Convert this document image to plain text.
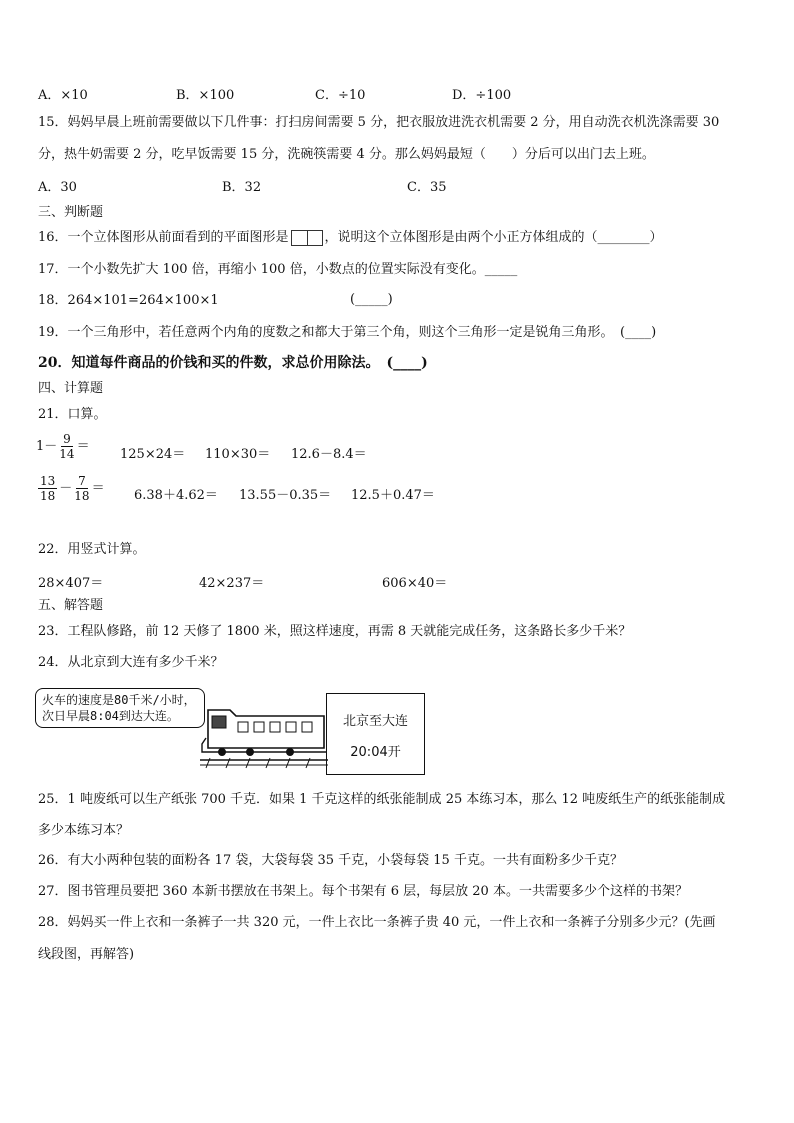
A．×10	B．×100	C．÷10	D．÷100
15．妈妈早晨上班前需要做以下几件事：打扫房间需要 5 分，把衣服放进洗衣机需要 2 分，用自动洗衣机洗涤需要 30
分，热牛奶需要 2 分，吃早饭需要 15 分，洗碗筷需要 4 分。那么妈妈最短（　　）分后可以出门去上班。
A．30	B．32	C．35
三、判断题
16．一个立体图形从前面看到的平面图形是	，说明这个立体图形是由两个小正方体组成的（________）
17．一个小数先扩大 100 倍，再缩小 100 倍，小数点的位置实际没有变化。_____
18．264×101=264×100×1	(_____)
19．一个三角形中，若任意两个内角的度数之和都大于第三个角，则这个三角形一定是锐角三角形。　(____)
20．知道每件商品的价钱和买的件数，求总价用除法。　(____)
四、计算题
21．口算。
$1- \frac{9}{14}$ ＝
125×24＝ 110×30＝ 12.6－8.4＝
$\frac{13}{18} - \frac{7}{18} = 6.38+4.62= 13.55-0.35= 12.5+0.47=$
22．用竖式计算。
28×407＝	42×237＝	606×40＝
五、解答题
23．工程队修路，前 12 天修了 1800 米，照这样速度，再需 8 天就能完成任务，这条路长多少千米？
24．从北京到大连有多少千米？
火车的速度是80千米/小时，
次日早晨8:04到达大连。	北京至大连
20:04开
25．1 吨废纸可以生产纸张 700 千克．如果 1 千克这样的纸张能制成 25 本练习本，那么 12 吨废纸生产的纸张能制成
多少本练习本？
26．有大小两种包装的面粉各 17 袋，大袋每袋 35 千克，小袋每袋 15 千克。一共有面粉多少千克？
27．图书管理员要把 360 本新书摆放在书架上。每个书架有 6 层，每层放 20 本。一共需要多少个这样的书架？
28．妈妈买一件上衣和一条裤子一共 320 元，一件上衣比一条裤子贵 40 元，一件上衣和一条裤子分别多少元？(先画
线段图，再解答)
